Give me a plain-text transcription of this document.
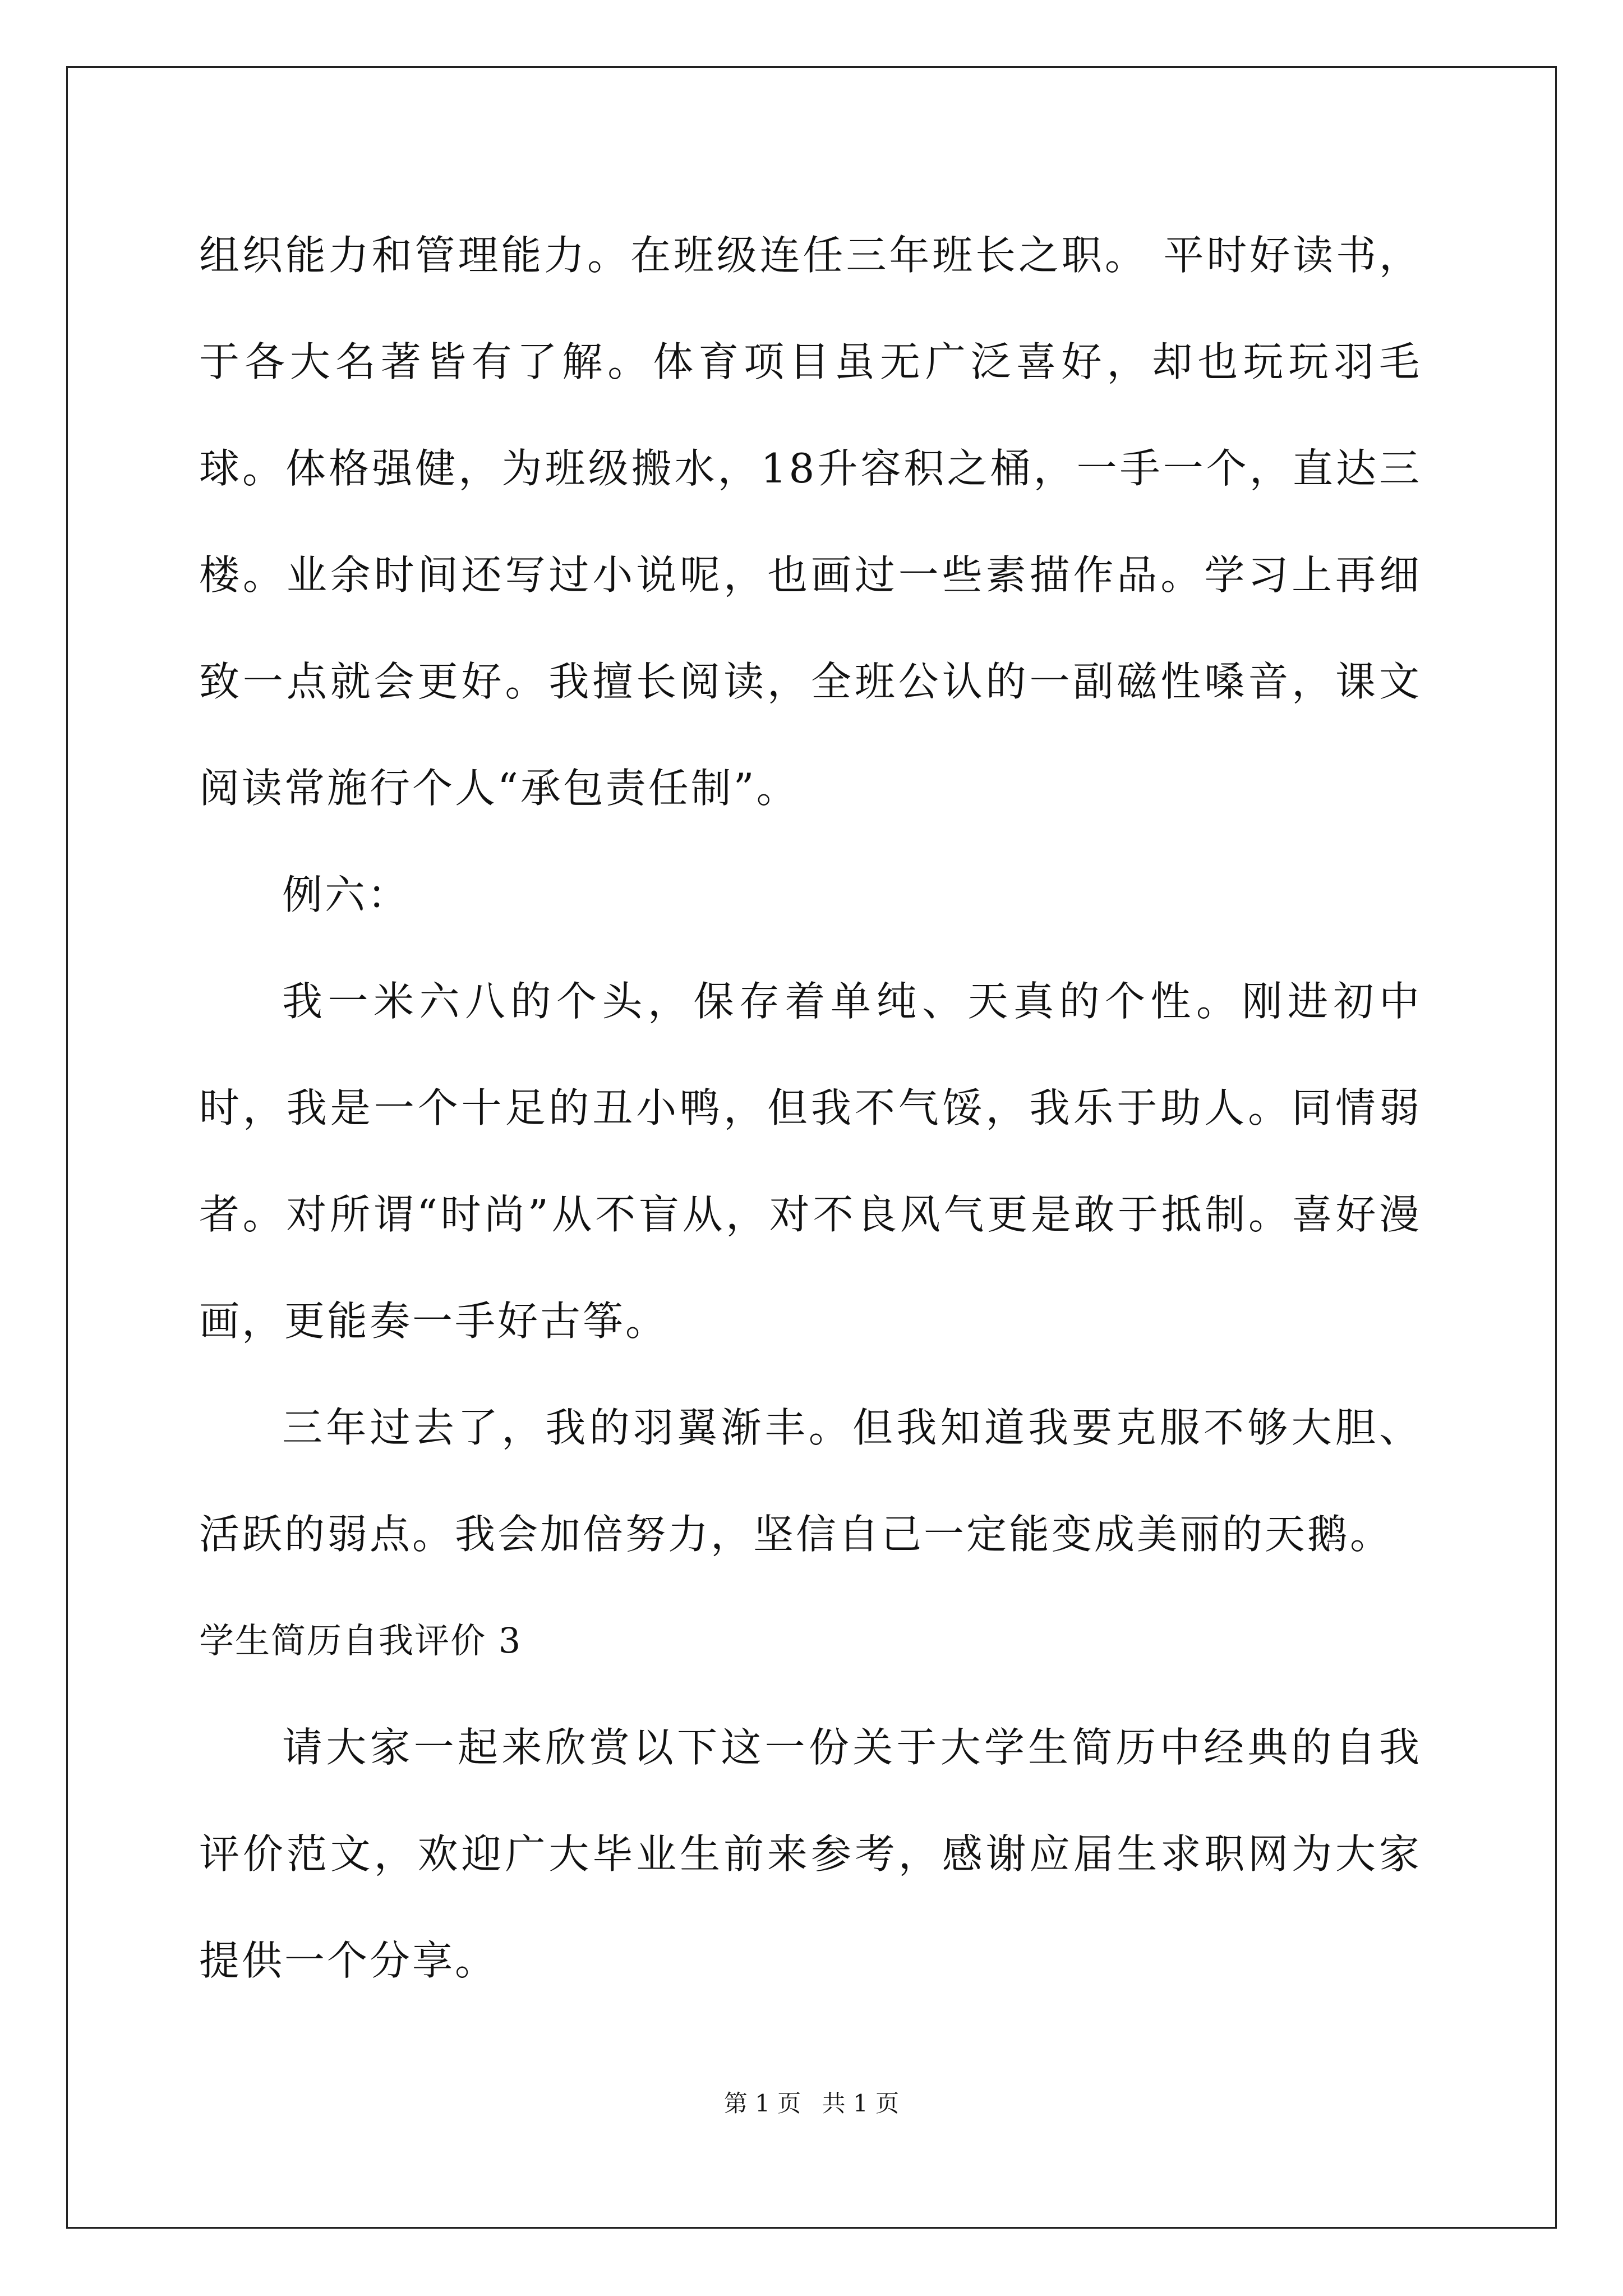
组织能力和管理能力。在班级连任三年班长之职。 平时好读书，于各大名著皆有了解。体育项目虽无广泛喜好，却也玩玩羽毛球。体格强健，为班级搬水，18升容积之桶，一手一个，直达三楼。业余时间还写过小说呢，也画过一些素描作品。学习上再细致一点就会更好。我擅长阅读，全班公认的一副磁性嗓音，课文阅读常施行个人“承包责任制”。

例六：

我一米六八的个头，保存着单纯、天真的个性。刚进初中时，我是一个十足的丑小鸭，但我不气馁，我乐于助人。同情弱者。对所谓“时尚”从不盲从，对不良风气更是敢于抵制。喜好漫画，更能奏一手好古筝。

三年过去了，我的羽翼渐丰。但我知道我要克服不够大胆、活跃的弱点。我会加倍努力，坚信自己一定能变成美丽的天鹅。

学生简历自我评价 3

请大家一起来欣赏以下这一份关于大学生简历中经典的自我评价范文，欢迎广大毕业生前来参考，感谢应届生求职网为大家提供一个分享。

第 1 页 共 1 页
